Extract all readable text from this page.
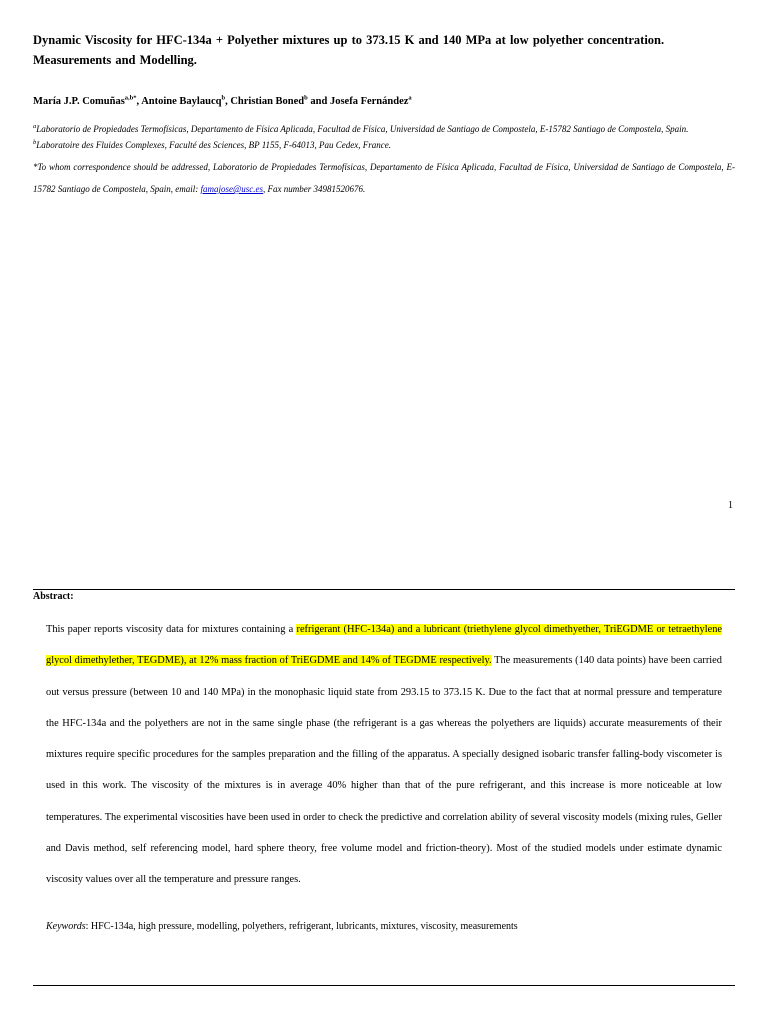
Dynamic Viscosity for HFC-134a + Polyether mixtures up to 373.15 K and 140 MPa at low polyether concentration. Measurements and Modelling.
María J.P. Comuñas$^{a,b*}$, Antoine Baylaucq$^b$, Christian Boned$^b$ and Josefa Fernández$^a$
$^a$Laboratorio de Propiedades Termofísicas, Departamento de Física Aplicada, Facultad de Física, Universidad de Santiago de Compostela, E-15782 Santiago de Compostela, Spain.
$^b$Laboratoire des Fluides Complexes, Faculté des Sciences, BP 1155, F-64013, Pau Cedex, France.
*To whom correspondence should be addressed, Laboratorio de Propiedades Termofísicas, Departamento de Física Aplicada, Facultad de Física, Universidad de Santiago de Compostela, E-15782 Santiago de Compostela, Spain, email: famajose@usc.es, Fax number 34981520676.
1
Abstract:
This paper reports viscosity data for mixtures containing a refrigerant (HFC-134a) and a lubricant (triethylene glycol dimethyether, TriEGDME or tetraethylene glycol dimethylether, TEGDME), at 12% mass fraction of TriEGDME and 14% of TEGDME respectively. The measurements (140 data points) have been carried out versus pressure (between 10 and 140 MPa) in the monophasic liquid state from 293.15 to 373.15 K. Due to the fact that at normal pressure and temperature the HFC-134a and the polyethers are not in the same single phase (the refrigerant is a gas whereas the polyethers are liquids) accurate measurements of their mixtures require specific procedures for the samples preparation and the filling of the apparatus. A specially designed isobaric transfer falling-body viscometer is used in this work. The viscosity of the mixtures is in average 40% higher than that of the pure refrigerant, and this increase is more noticeable at low temperatures. The experimental viscosities have been used in order to check the predictive and correlation ability of several viscosity models (mixing rules, Geller and Davis method, self referencing model, hard sphere theory, free volume model and friction-theory). Most of the studied models under estimate dynamic viscosity values over all the temperature and pressure ranges.
Keywords: HFC-134a, high pressure, modelling, polyethers, refrigerant, lubricants, mixtures, viscosity, measurements
